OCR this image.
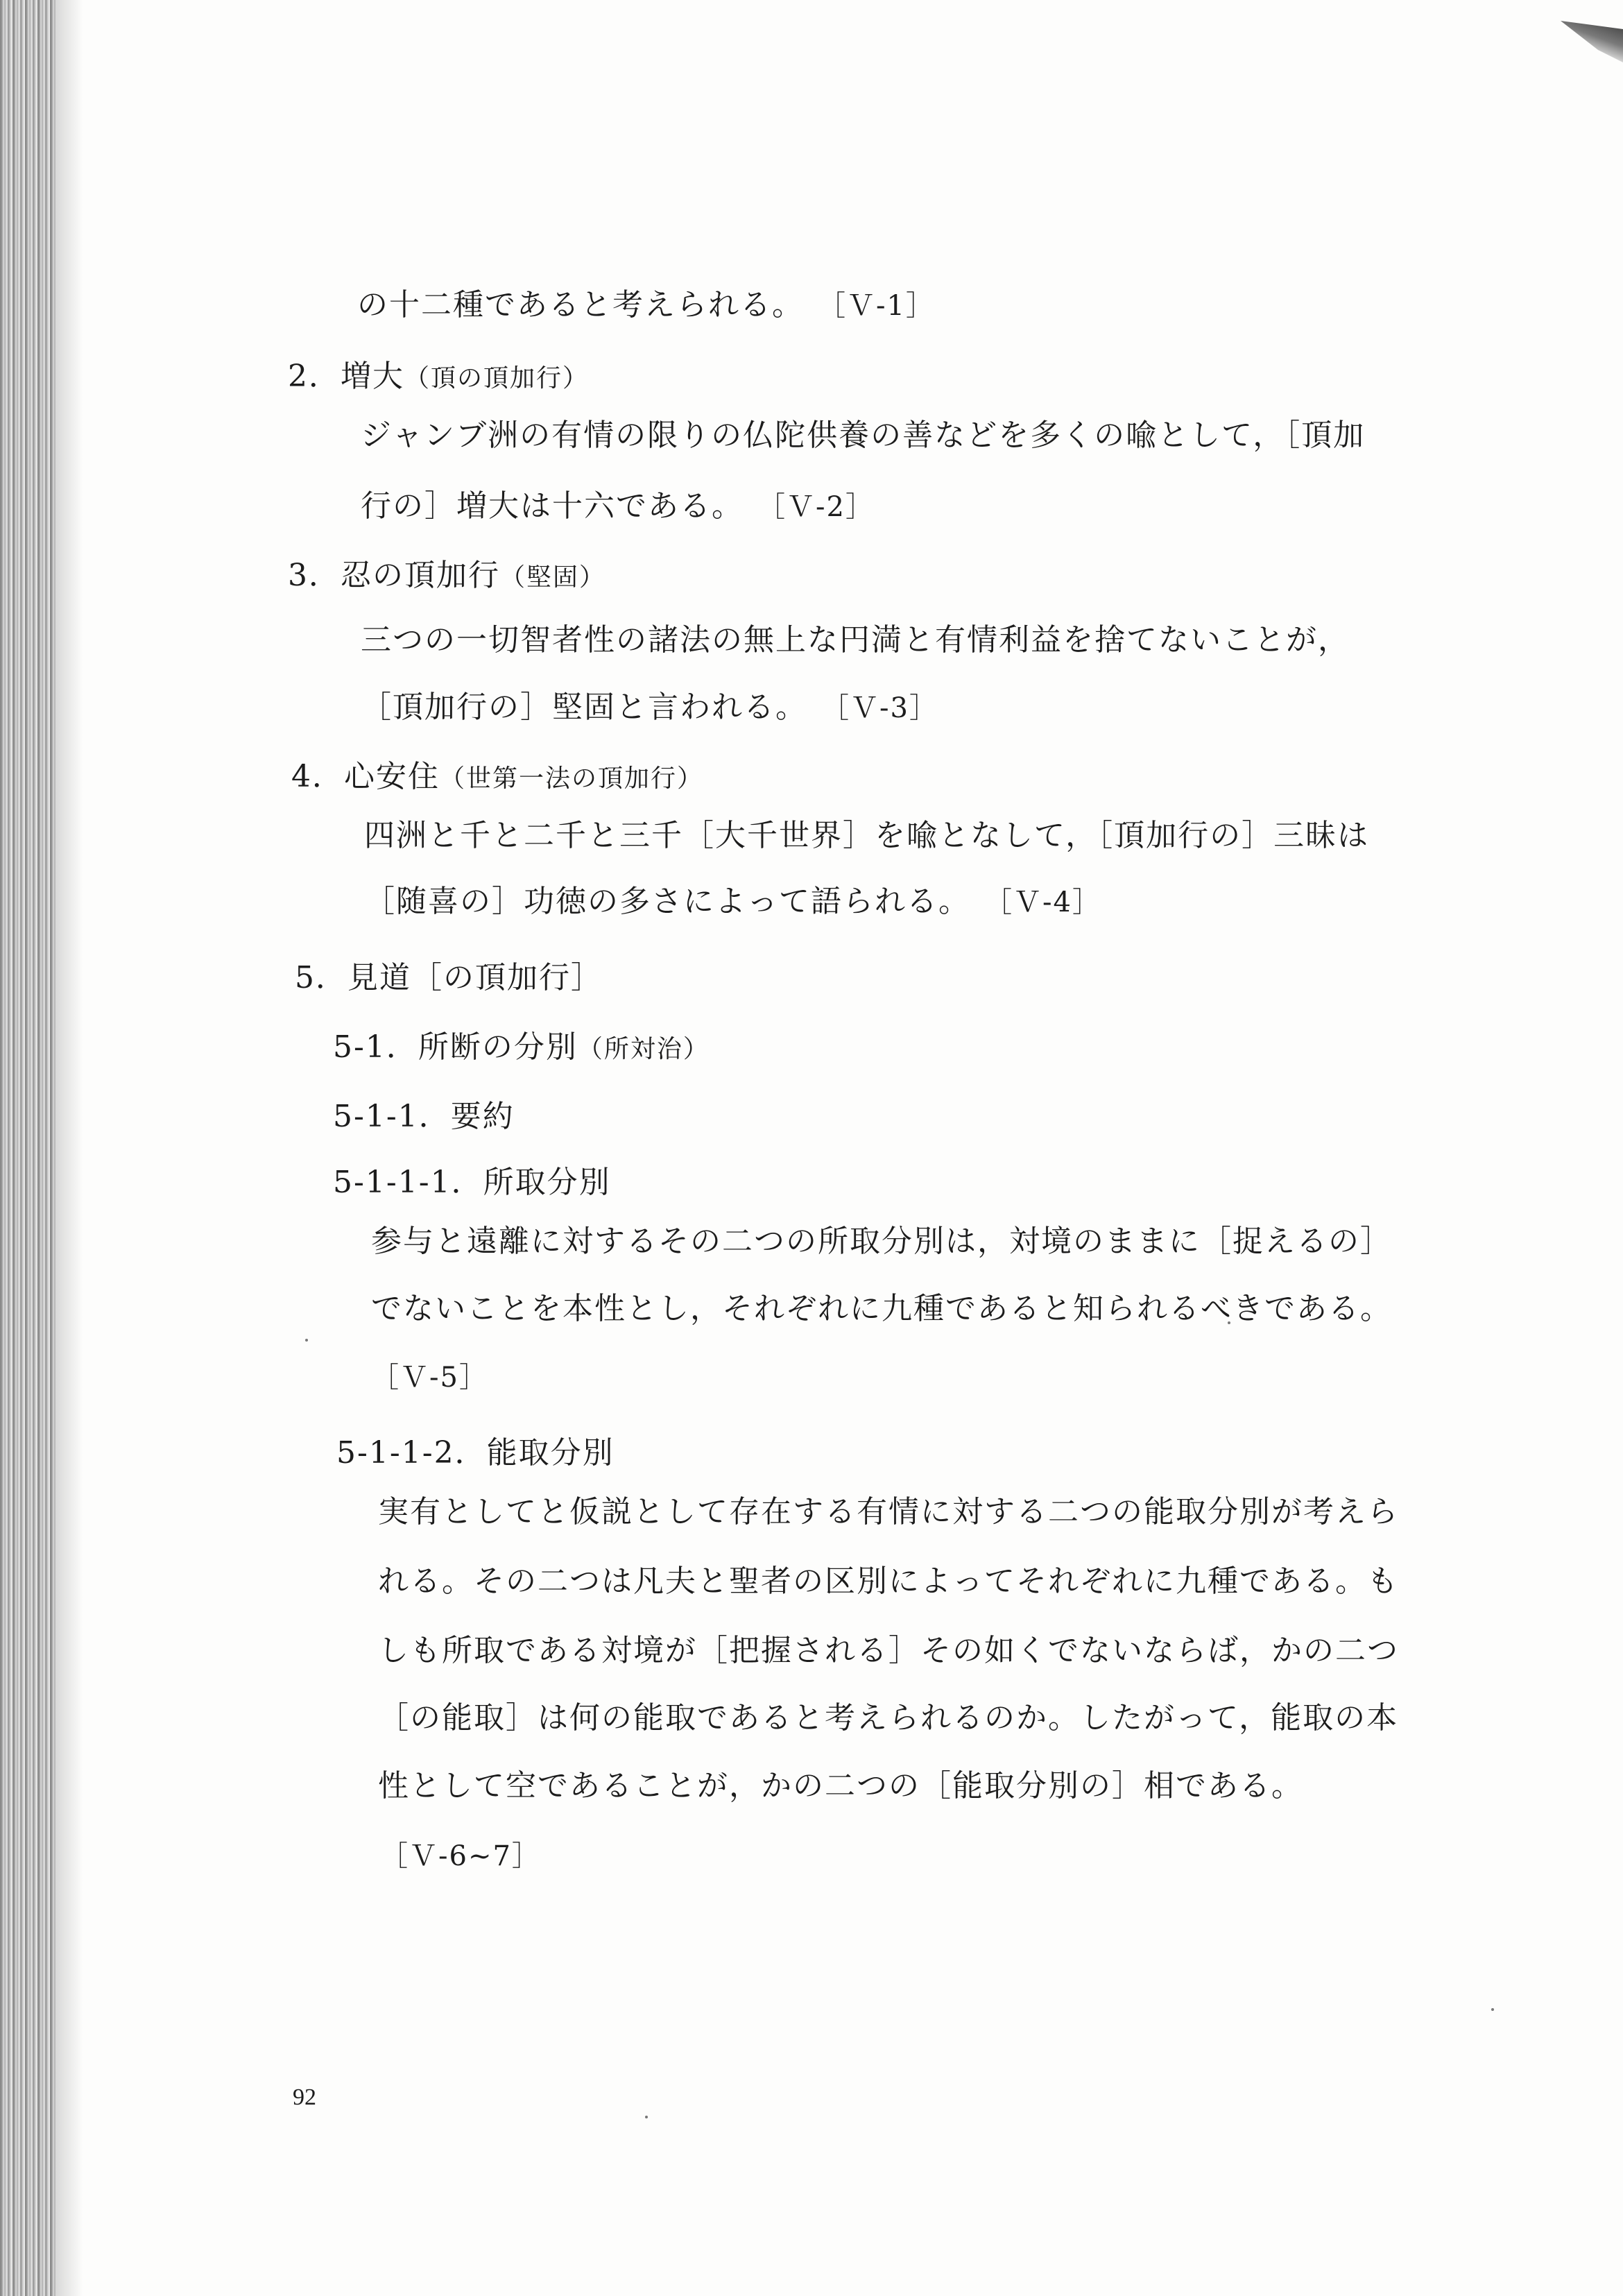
の十二種であると考えられる。 ［Ｖ-1］
2．増大（頂の頂加行）
ジャンブ洲の有情の限りの仏陀供養の善などを多くの喩として，［頂加
行の］増大は十六である。 ［Ｖ-2］
3．忍の頂加行（堅固）
三つの一切智者性の諸法の無上な円満と有情利益を捨てないことが，
［頂加行の］堅固と言われる。 ［Ｖ-3］
4．心安住（世第一法の頂加行）
四洲と千と二千と三千［大千世界］を喩となして，［頂加行の］三昧は
［随喜の］功徳の多さによって語られる。 ［Ｖ-4］
5．見道［の頂加行］
5-1．所断の分別（所対治）
5-1-1．要約
5-1-1-1．所取分別
参与と遠離に対するその二つの所取分別は，対境のままに［捉えるの］
でないことを本性とし，それぞれに九種であると知られるべきである。
［Ｖ-5］
5-1-1-2．能取分別
実有としてと仮説として存在する有情に対する二つの能取分別が考えら
れる。その二つは凡夫と聖者の区別によってそれぞれに九種である。も
しも所取である対境が［把握される］その如くでないならば，かの二つ
［の能取］は何の能取であると考えられるのか。したがって，能取の本
性として空であることが，かの二つの［能取分別の］相である。
［Ｖ-6~7］
92
